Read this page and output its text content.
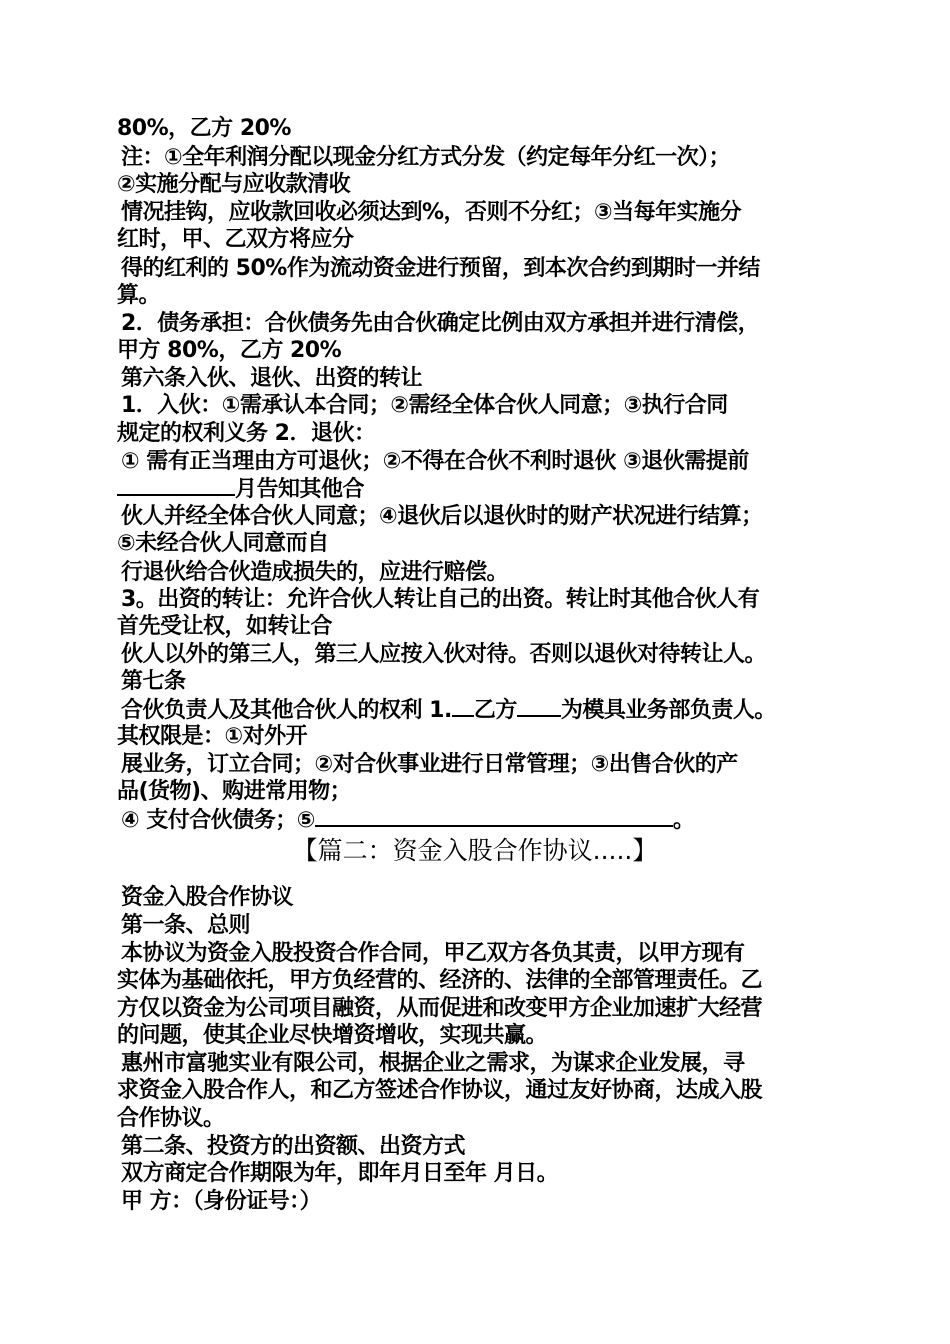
80%，乙方 20%
注：①全年利润分配以现金分红方式分发（约定每年分红一次）；
②实施分配与应收款清收
情况挂钩，应收款回收必须达到%，否则不分红；③当每年实施分
红时，甲、乙双方将应分
得的红利的 50%作为流动资金进行预留，到本次合约到期时一并结
算。
2．债务承担：合伙债务先由合伙确定比例由双方承担并进行清偿，
甲方 80%，乙方 20%
第六条入伙、退伙、出资的转让
1．入伙：①需承认本合同；②需经全体合伙人同意；③执行合同
规定的权利义务 2．退伙：
① 需有正当理由方可退伙；②不得在合伙不利时退伙 ③退伙需提前
月告知其他合
伙人并经全体合伙人同意；④退伙后以退伙时的财产状况进行结算；
⑤未经合伙人同意而自
行退伙给合伙造成损失的，应进行赔偿。
3。出资的转让：允许合伙人转让自己的出资。转让时其他合伙人有
首先受让权，如转让合
伙人以外的第三人，第三人应按入伙对待。否则以退伙对待转让人。
第七条
合伙负责人及其他合伙人的权利 1. 乙方 为模具业务部负责人。
其权限是：①对外开
展业务，订立合同；②对合伙事业进行日常管理；③出售合伙的产
品(货物)、购进常用物；
④ 支付合伙债务；⑤	。
【篇二：资金入股合作协议.....】
资金入股合作协议
第一条、总则
本协议为资金入股投资合作合同，甲乙双方各负其责，以甲方现有
实体为基础依托，甲方负经营的、经济的、法律的全部管理责任。乙
方仅以资金为公司项目融资，从而促进和改变甲方企业加速扩大经营
的问题，使其企业尽快增资增收，实现共赢。
惠州市富驰实业有限公司，根据企业之需求，为谋求企业发展，寻
求资金入股合作人，和乙方签述合作协议，通过友好协商，达成入股
合作协议。
第二条、投资方的出资额、出资方式
双方商定合作期限为年，即年月日至年 月日。
甲 方：（身份证号：）
